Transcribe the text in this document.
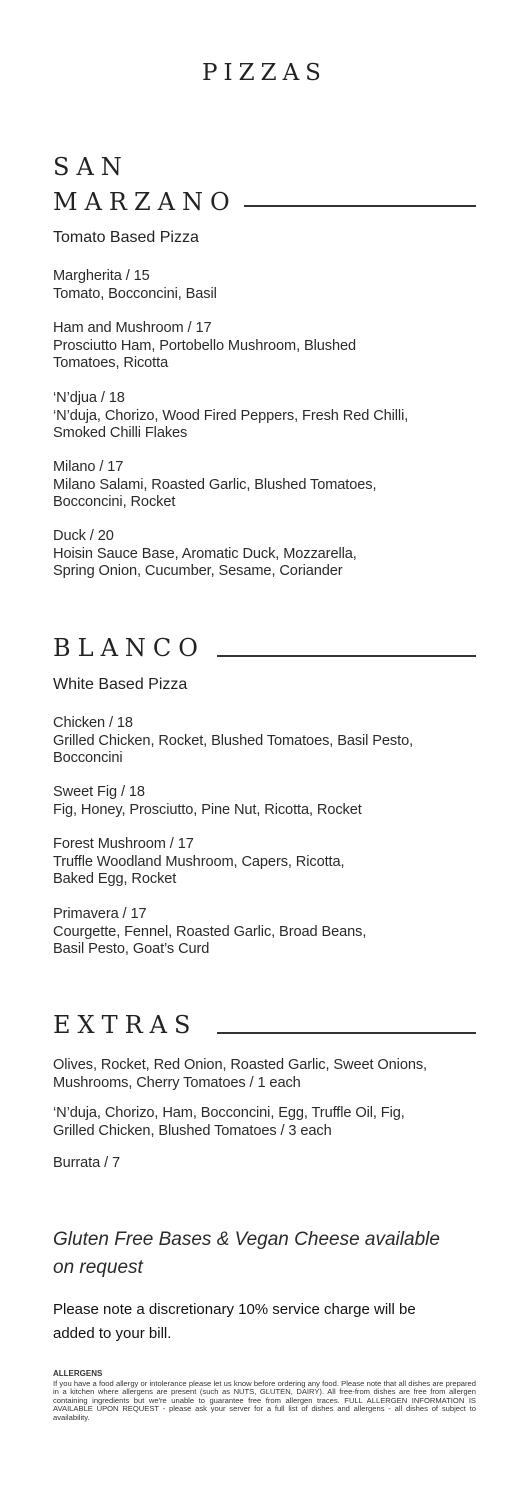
PIZZAS
SAN
MARZANO
Tomato Based Pizza
Margherita / 15
Tomato, Bocconcini, Basil
Ham and Mushroom / 17
Prosciutto Ham, Portobello Mushroom, Blushed
Tomatoes, Ricotta
‘N’djua / 18
‘N’duja, Chorizo, Wood Fired Peppers, Fresh Red Chilli,
Smoked Chilli Flakes
Milano / 17
Milano Salami, Roasted Garlic, Blushed Tomatoes,
Bocconcini, Rocket
Duck / 20
Hoisin Sauce Base, Aromatic Duck, Mozzarella,
Spring Onion, Cucumber, Sesame, Coriander
BLANCO
White Based Pizza
Chicken / 18
Grilled Chicken, Rocket, Blushed Tomatoes, Basil Pesto,
Bocconcini
Sweet Fig / 18
Fig, Honey, Prosciutto, Pine Nut, Ricotta, Rocket
Forest Mushroom / 17
Truffle Woodland Mushroom, Capers, Ricotta,
Baked Egg, Rocket
Primavera / 17
Courgette, Fennel, Roasted Garlic, Broad Beans,
Basil Pesto, Goat’s Curd
EXTRAS
Olives, Rocket, Red Onion, Roasted Garlic, Sweet Onions,
Mushrooms, Cherry Tomatoes / 1 each
‘N’duja, Chorizo, Ham, Bocconcini, Egg, Truffle Oil, Fig,
Grilled Chicken, Blushed Tomatoes / 3 each
Burrata / 7
Gluten Free Bases & Vegan Cheese available
on request
Please note a discretionary 10% service charge will be
added to your bill.
ALLERGENS
If you have a food allergy or intolerance please let us know before ordering any food. Please note that all dishes are prepared in a kitchen where allergens are present (such as NUTS, GLUTEN, DAIRY). All free-from dishes are free from allergen containing ingredients but we're unable to guarantee free from allergen traces. FULL ALLERGEN INFORMATION IS AVAILABLE UPON REQUEST - please ask your server for a full list of dishes and allergens - all dishes of subject to availability.
